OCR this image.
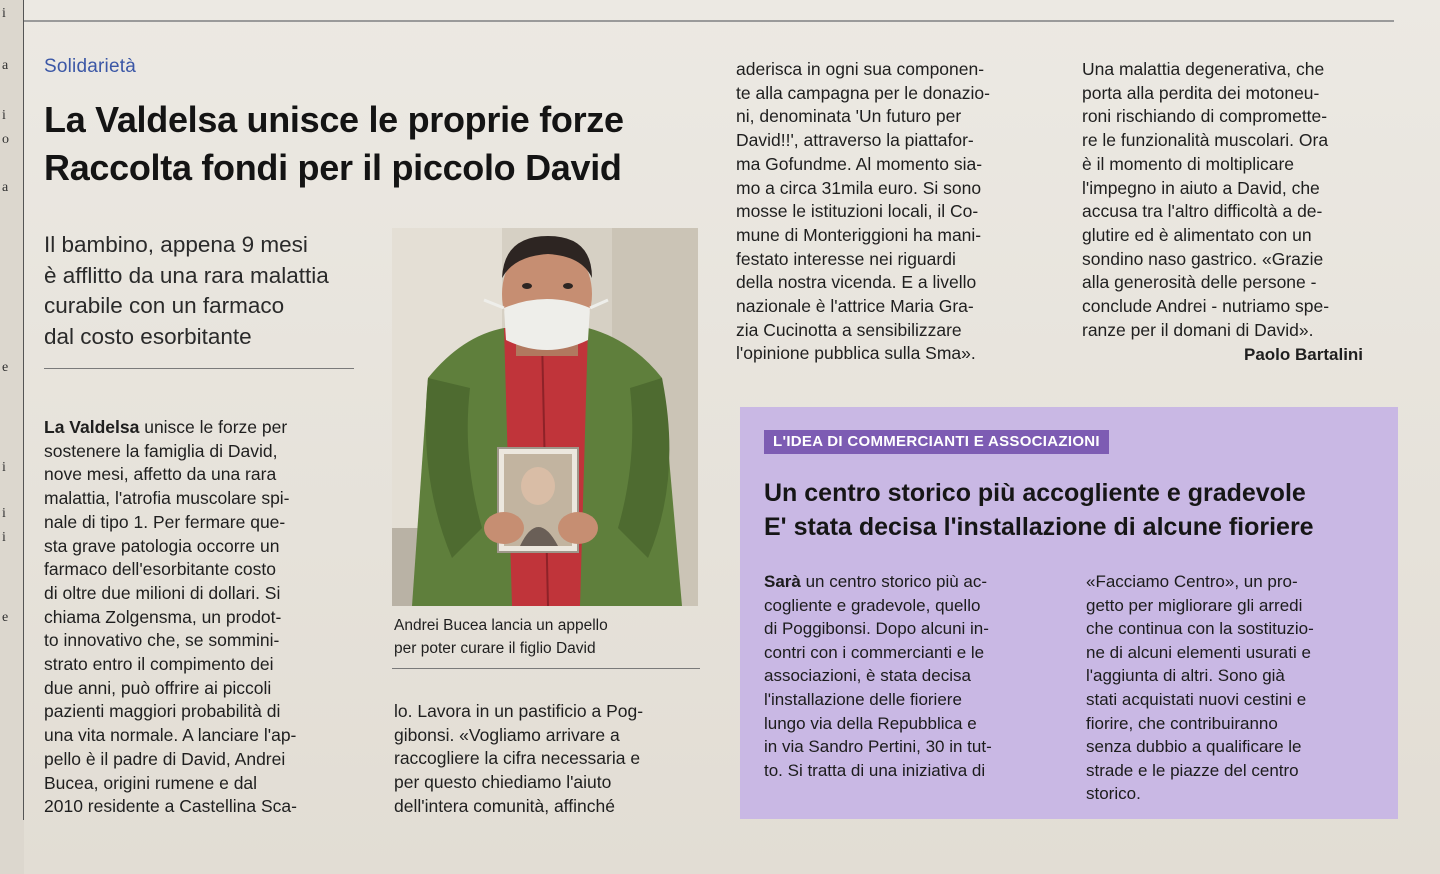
i
a
i
o
a
e
i
i
i
e
Solidarietà
La Valdelsa unisce le proprie forze
Raccolta fondi per il piccolo David
Il bambino, appena 9 mesi
è afflitto da una rara malattia
curabile con un farmaco
dal costo esorbitante
La Valdelsa unisce le forze per
sostenere la famiglia di David,
nove mesi, affetto da una rara
malattia, l'atrofia muscolare spi-
nale di tipo 1. Per fermare que-
sta grave patologia occorre un
farmaco dell'esorbitante costo
di oltre due milioni di dollari. Si
chiama Zolgensma, un prodot-
to innovativo che, se sommini-
strato entro il compimento dei
due anni, può offrire ai piccoli
pazienti maggiori probabilità di
una vita normale. A lanciare l'ap-
pello è il padre di David, Andrei
Bucea, origini rumene e dal
2010 residente a Castellina Sca-
Andrei Bucea lancia un appello
per poter curare il figlio David
lo. Lavora in un pastificio a Pog-
gibonsi. «Vogliamo arrivare a
raccogliere la cifra necessaria e
per questo chiediamo l'aiuto
dell'intera comunità, affinché
aderisca in ogni sua componen-
te alla campagna per le donazio-
ni, denominata 'Un futuro per
David!!', attraverso la piattafor-
ma Gofundme. Al momento sia-
mo a circa 31mila euro. Si sono
mosse le istituzioni locali, il Co-
mune di Monteriggioni ha mani-
festato interesse nei riguardi
della nostra vicenda. E a livello
nazionale è l'attrice Maria Gra-
zia Cucinotta a sensibilizzare
l'opinione pubblica sulla Sma».
Una malattia degenerativa, che
porta alla perdita dei motoneu-
roni rischiando di compromette-
re le funzionalità muscolari. Ora
è il momento di moltiplicare
l'impegno in aiuto a David, che
accusa tra l'altro difficoltà a de-
glutire ed è alimentato con un
sondino naso gastrico. «Grazie
alla generosità delle persone -
conclude Andrei - nutriamo spe-
ranze per il domani di David».
Paolo Bartalini
L'IDEA DI COMMERCIANTI E ASSOCIAZIONI
Un centro storico più accogliente e gradevole
E' stata decisa l'installazione di alcune fioriere
Sarà un centro storico più ac-
cogliente e gradevole, quello
di Poggibonsi. Dopo alcuni in-
contri con i commercianti e le
associazioni, è stata decisa
l'installazione delle fioriere
lungo via della Repubblica e
in via Sandro Pertini, 30 in tut-
to. Si tratta di una iniziativa di
«Facciamo Centro», un pro-
getto per migliorare gli arredi
che continua con la sostituzio-
ne di alcuni elementi usurati e
l'aggiunta di altri. Sono già
stati acquistati nuovi cestini e
fiorire, che contribuiranno
senza dubbio a qualificare le
strade e le piazze del centro
storico.
